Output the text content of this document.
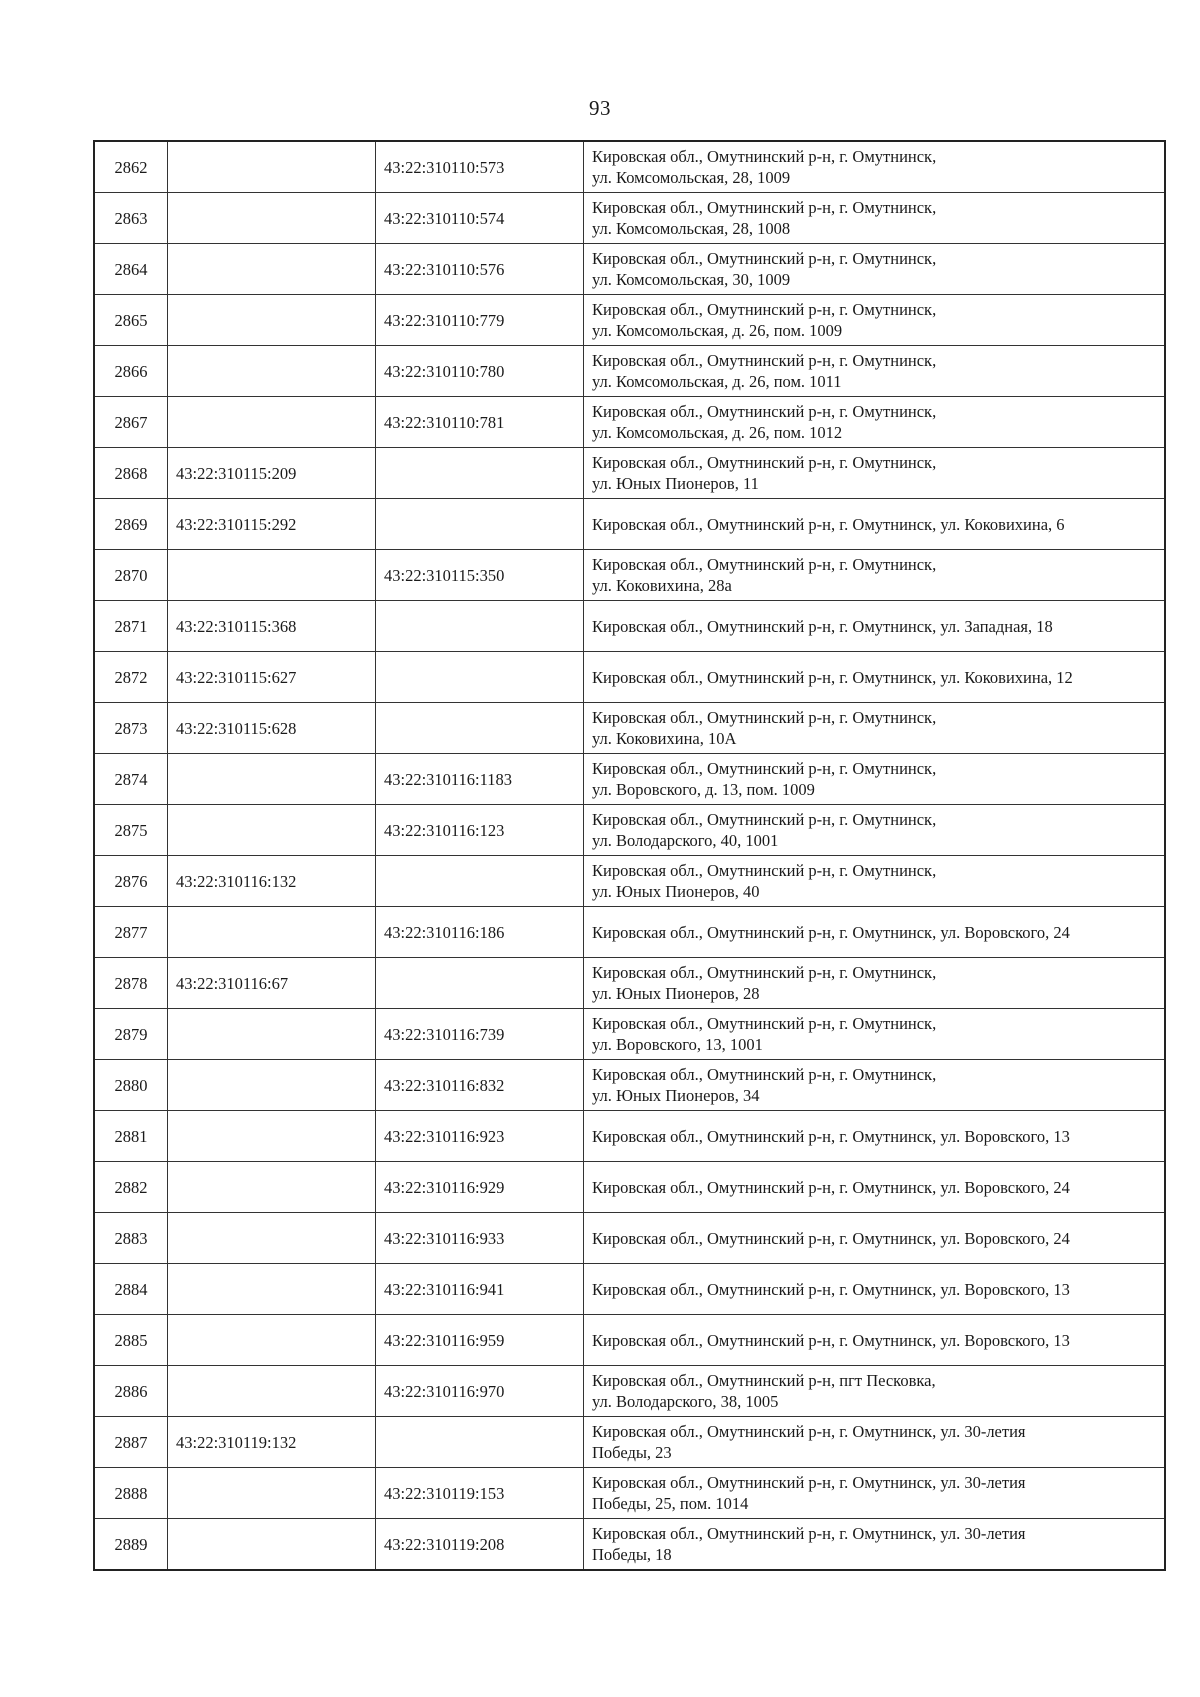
93
2862		43:22:310110:573	Кировская обл., Омутнинский р-н, г. Омутнинск,
ул. Комсомольская, 28, 1009

2863		43:22:310110:574	Кировская обл., Омутнинский р-н, г. Омутнинск,
ул. Комсомольская, 28, 1008

2864		43:22:310110:576	Кировская обл., Омутнинский р-н, г. Омутнинск,
ул. Комсомольская, 30, 1009

2865		43:22:310110:779	Кировская обл., Омутнинский р-н, г. Омутнинск,
ул. Комсомольская, д. 26, пом. 1009

2866		43:22:310110:780	Кировская обл., Омутнинский р-н, г. Омутнинск,
ул. Комсомольская, д. 26, пом. 1011

2867		43:22:310110:781	Кировская обл., Омутнинский р-н, г. Омутнинск,
ул. Комсомольская, д. 26, пом. 1012

2868	43:22:310115:209		Кировская обл., Омутнинский р-н, г. Омутнинск,
ул. Юных Пионеров, 11

2869	43:22:310115:292		Кировская обл., Омутнинский р-н, г. Омутнинск, ул. Коковихина, 6

2870		43:22:310115:350	Кировская обл., Омутнинский р-н, г. Омутнинск,
ул. Коковихина, 28а

2871	43:22:310115:368		Кировская обл., Омутнинский р-н, г. Омутнинск, ул. Западная, 18

2872	43:22:310115:627		Кировская обл., Омутнинский р-н, г. Омутнинск, ул. Коковихина, 12

2873	43:22:310115:628		Кировская обл., Омутнинский р-н, г. Омутнинск,
ул. Коковихина, 10А

2874		43:22:310116:1183	Кировская обл., Омутнинский р-н, г. Омутнинск,
ул. Воровского, д. 13, пом. 1009

2875		43:22:310116:123	Кировская обл., Омутнинский р-н, г. Омутнинск,
ул. Володарского, 40, 1001

2876	43:22:310116:132		Кировская обл., Омутнинский р-н, г. Омутнинск,
ул. Юных Пионеров, 40

2877		43:22:310116:186	Кировская обл., Омутнинский р-н, г. Омутнинск, ул. Воровского, 24

2878	43:22:310116:67		Кировская обл., Омутнинский р-н, г. Омутнинск,
ул. Юных Пионеров, 28

2879		43:22:310116:739	Кировская обл., Омутнинский р-н, г. Омутнинск,
ул. Воровского, 13, 1001

2880		43:22:310116:832	Кировская обл., Омутнинский р-н, г. Омутнинск,
ул. Юных Пионеров, 34

2881		43:22:310116:923	Кировская обл., Омутнинский р-н, г. Омутнинск, ул. Воровского, 13

2882		43:22:310116:929	Кировская обл., Омутнинский р-н, г. Омутнинск, ул. Воровского, 24

2883		43:22:310116:933	Кировская обл., Омутнинский р-н, г. Омутнинск, ул. Воровского, 24

2884		43:22:310116:941	Кировская обл., Омутнинский р-н, г. Омутнинск, ул. Воровского, 13

2885		43:22:310116:959	Кировская обл., Омутнинский р-н, г. Омутнинск, ул. Воровского, 13

2886		43:22:310116:970	Кировская обл., Омутнинский р-н, пгт Песковка,
ул. Володарского, 38, 1005

2887	43:22:310119:132		Кировская обл., Омутнинский р-н, г. Омутнинск, ул. 30-летия
Победы, 23

2888		43:22:310119:153	Кировская обл., Омутнинский р-н, г. Омутнинск, ул. 30-летия
Победы, 25, пом. 1014

2889		43:22:310119:208	Кировская обл., Омутнинский р-н, г. Омутнинск, ул. 30-летия
Победы, 18
